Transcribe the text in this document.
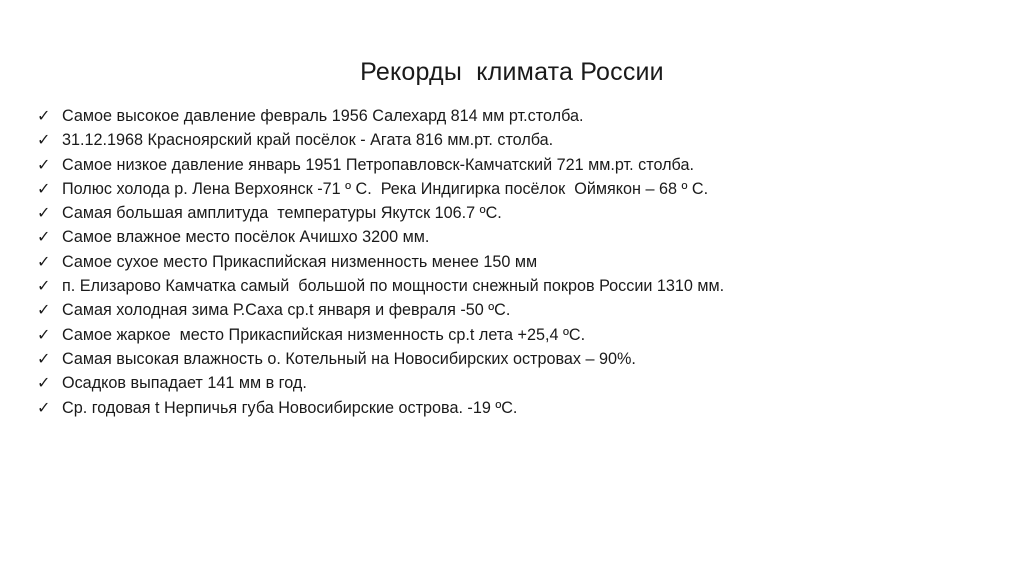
Рекорды  климата России
✓ Самое высокое давление февраль 1956 Салехард 814 мм рт.столба.
✓ 31.12.1968 Красноярский край посёлок - Агата 816 мм.рт. столба.
✓ Самое низкое давление январь 1951 Петропавловск-Камчатский 721 мм.рт. столба.
✓ Полюс холода р. Лена Верхоянск -71 º С.  Река Индигирка посёлок  Оймякон – 68 º С.
✓ Самая большая амплитуда  температуры Якутск 106.7 ºС.
✓ Самое влажное место посёлок Ачишхо 3200 мм.
✓ Самое сухое место Прикаспийская низменность менее 150 мм
✓ п. Елизарово Камчатка самый  большой по мощности снежный покров России 1310 мм.
✓ Самая холодная зима Р.Саха ср.t января и февраля -50 ºС.
✓ Самое жаркое  место Прикаспийская низменность ср.t лета +25,4 ºС.
✓ Самая высокая влажность о. Котельный на Новосибирских островах – 90%.
✓ Осадков выпадает 141 мм в год.
✓ Ср. годовая t Нерпичья губа Новосибирские острова. -19 ºС.
